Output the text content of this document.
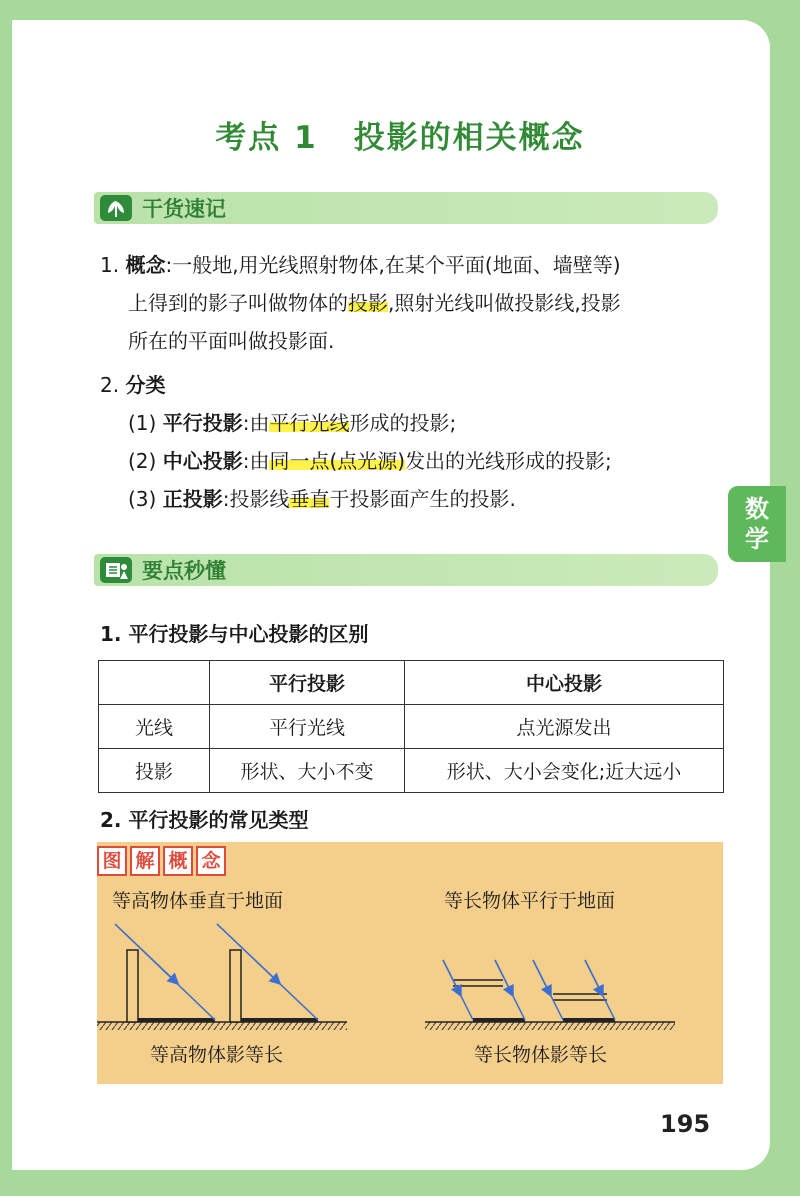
数
学
考点 1 投影的相关概念
干货速记
1. 概念:一般地,用光线照射物体,在某个平面(地面、墙壁等)
上得到的影子叫做物体的投影,照射光线叫做投影线,投影
所在的平面叫做投影面.
2. 分类
(1) 平行投影:由平行光线形成的投影;
(2) 中心投影:由同一点(点光源)发出的光线形成的投影;
(3) 正投影:投影线垂直于投影面产生的投影.
要点秒懂
1. 平行投影与中心投影的区别
	平行投影	中心投影
光线	平行光线	点光源发出
投影	形状、大小不变	形状、大小会变化;近大远小
2. 平行投影的常见类型
图 解 概 念
等高物体垂直于地面
等高物体影等长
等长物体平行于地面
等长物体影等长
195
